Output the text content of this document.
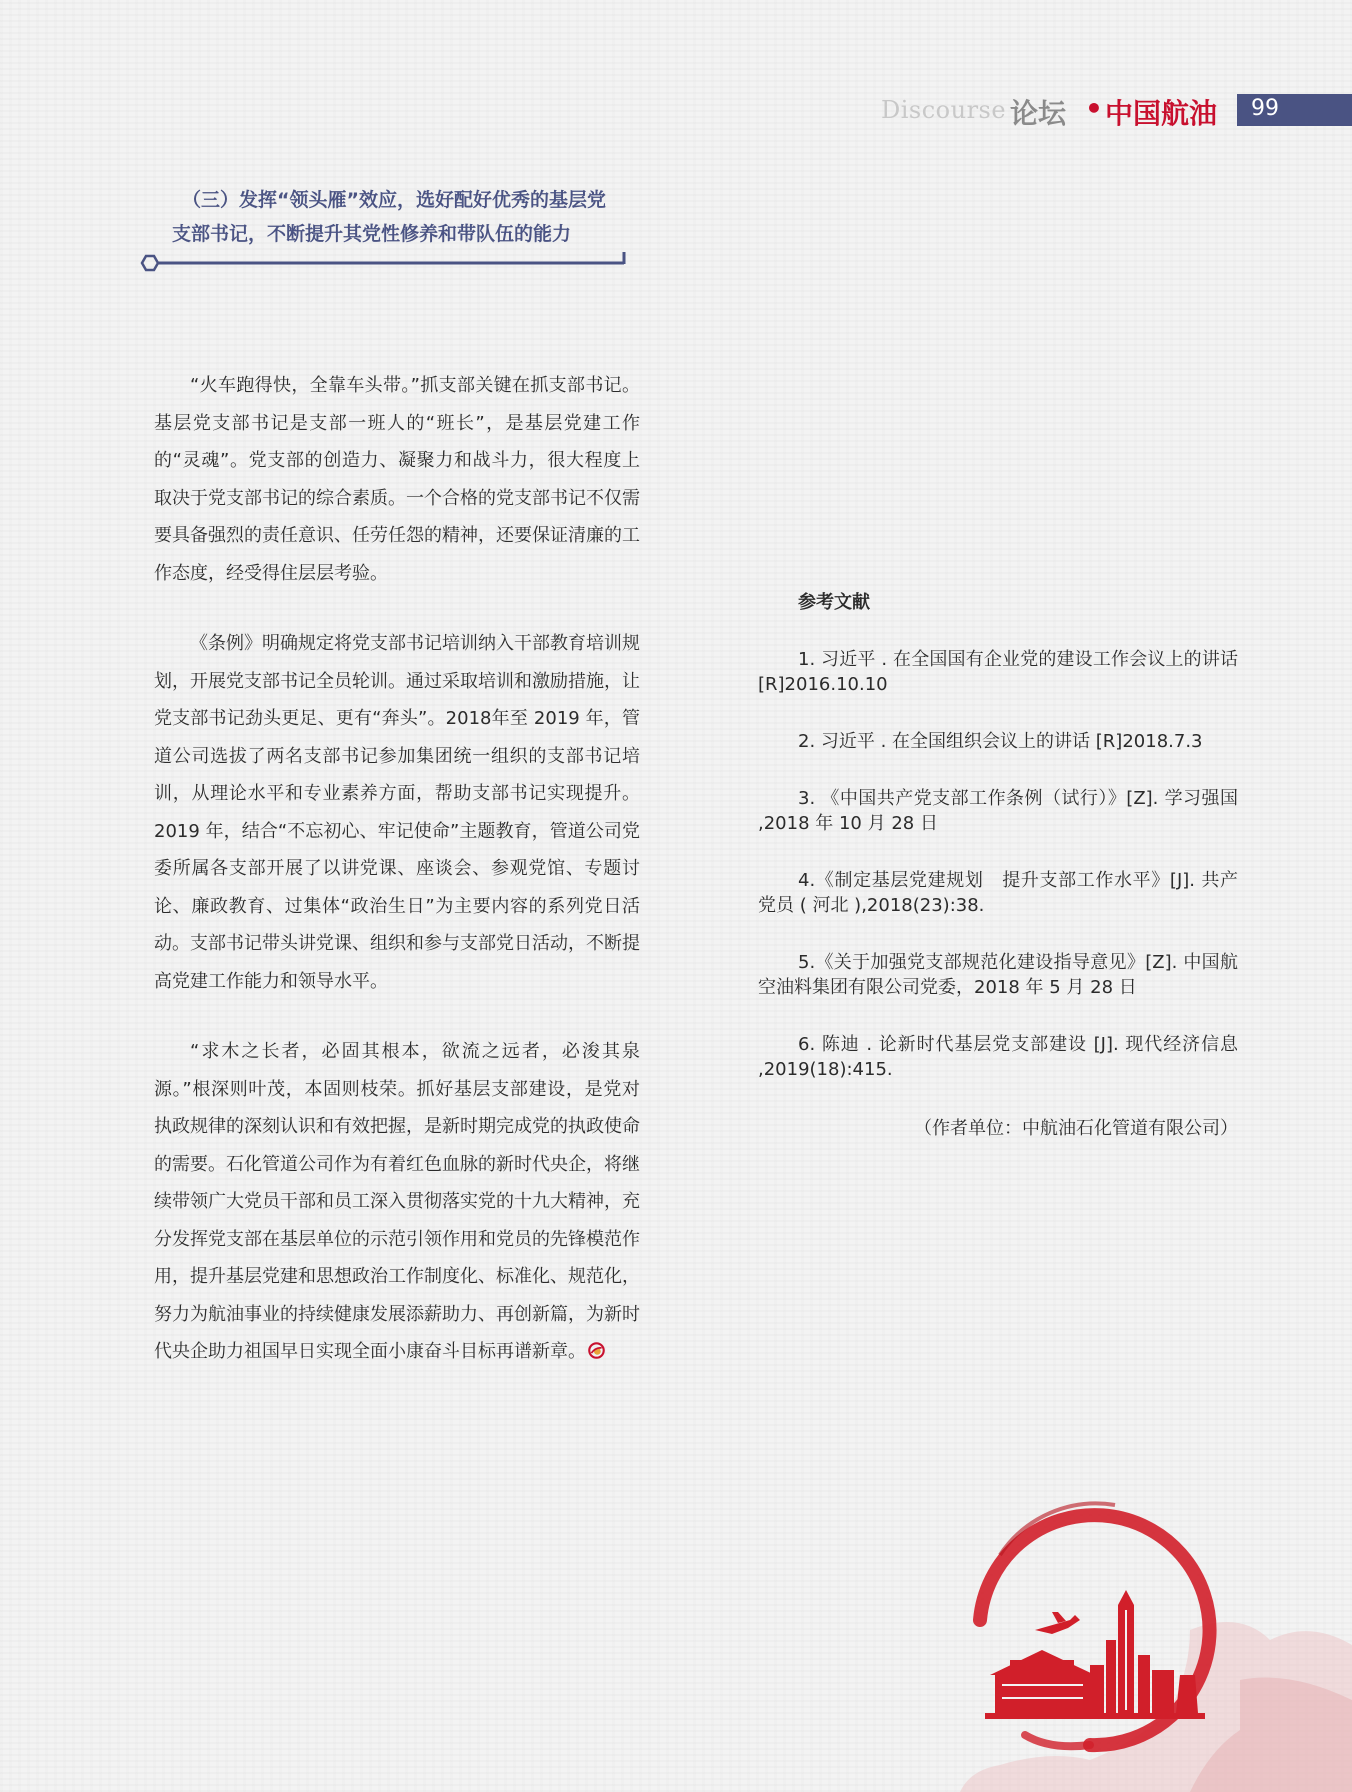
Discourse 论坛 • 中国航油 99
（三）发挥“领头雁”效应，选好配好优秀的基层党
支部书记，不断提升其党性修养和带队伍的能力

“火车跑得快，全靠车头带。”抓支部关键在抓支部书记。基层党支部书记是支部一班人的“班长”，是基层党建工作的“灵魂”。党支部的创造力、凝聚力和战斗力，很大程度上取决于党支部书记的综合素质。一个合格的党支部书记不仅需要具备强烈的责任意识、任劳任怨的精神，还要保证清廉的工作态度，经受得住层层考验。

《条例》明确规定将党支部书记培训纳入干部教育培训规划，开展党支部书记全员轮训。通过采取培训和激励措施，让党支部书记劲头更足、更有“奔头”。2018年至 2019 年，管道公司选拔了两名支部书记参加集团统一组织的支部书记培训，从理论水平和专业素养方面，帮助支部书记实现提升。2019 年，结合“不忘初心、牢记使命”主题教育，管道公司党委所属各支部开展了以讲党课、座谈会、参观党馆、专题讨论、廉政教育、过集体“政治生日”为主要内容的系列党日活动。支部书记带头讲党课、组织和参与支部党日活动，不断提高党建工作能力和领导水平。

“求木之长者，必固其根本，欲流之远者，必浚其泉源。”根深则叶茂，本固则枝荣。抓好基层支部建设，是党对执政规律的深刻认识和有效把握，是新时期完成党的执政使命的需要。石化管道公司作为有着红色血脉的新时代央企，将继续带领广大党员干部和员工深入贯彻落实党的十九大精神，充分发挥党支部在基层单位的示范引领作用和党员的先锋模范作用，提升基层党建和思想政治工作制度化、标准化、规范化，努力为航油事业的持续健康发展添薪助力、再创新篇，为新时代央企助力祖国早日实现全面小康奋斗目标再谱新章。

参考文献
1. 习近平 . 在全国国有企业党的建设工作会议上的讲话 [R]2016.10.10
2. 习近平 . 在全国组织会议上的讲话 [R]2018.7.3
3. 《中国共产党支部工作条例（试行）》[Z]. 学习强国 ,2018 年 10 月 28 日
4.《制定基层党建规划　提升支部工作水平》[J]. 共产党员 ( 河北 ),2018(23):38.
5.《关于加强党支部规范化建设指导意见》[Z]. 中国航空油料集团有限公司党委，2018 年 5 月 28 日
6. 陈迪 . 论新时代基层党支部建设 [J]. 现代经济信息 ,2019(18):415.
（作者单位：中航油石化管道有限公司）
